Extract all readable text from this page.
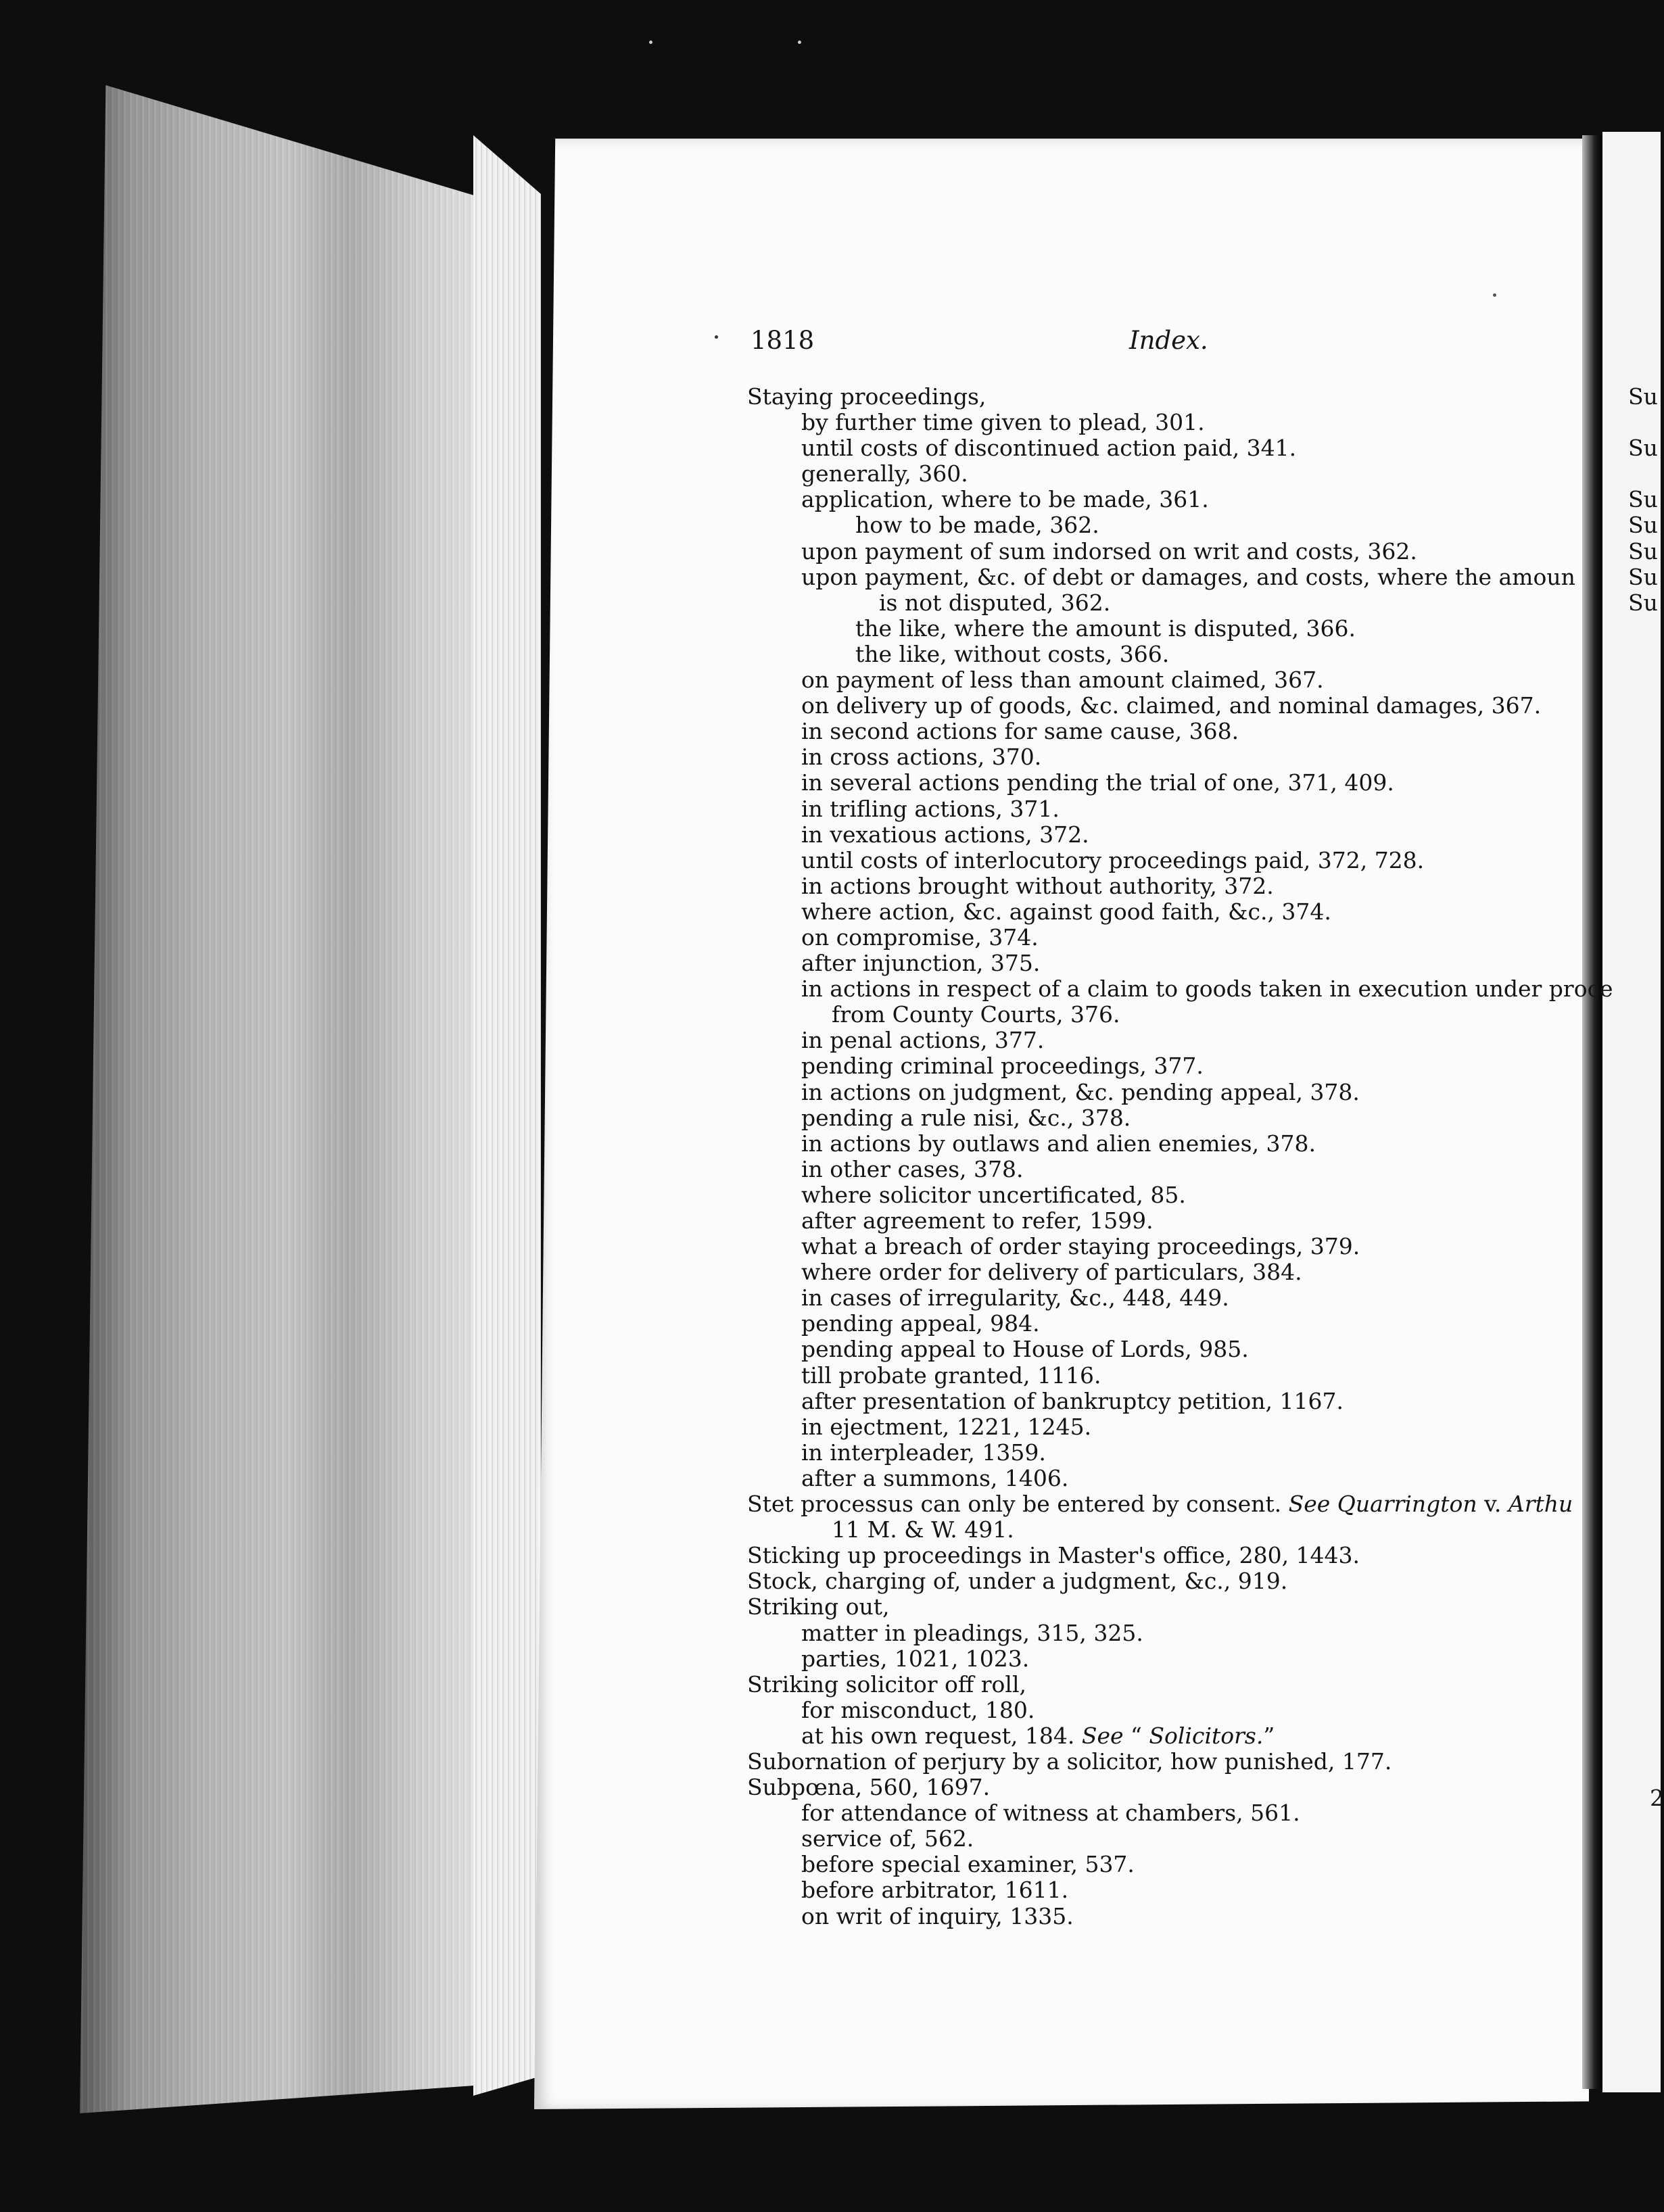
1818	Index.
Staying proceedings,
by further time given to plead, 301.
until costs of discontinued action paid, 341.
generally, 360.
application, where to be made, 361.
how to be made, 362.
upon payment of sum indorsed on writ and costs, 362.
upon payment, &c. of debt or damages, and costs, where the amoun
is not disputed, 362.
the like, where the amount is disputed, 366.
the like, without costs, 366.
on payment of less than amount claimed, 367.
on delivery up of goods, &c. claimed, and nominal damages, 367.
in second actions for same cause, 368.
in cross actions, 370.
in several actions pending the trial of one, 371, 409.
in trifling actions, 371.
in vexatious actions, 372.
until costs of interlocutory proceedings paid, 372, 728.
in actions brought without authority, 372.
where action, &c. against good faith, &c., 374.
on compromise, 374.
after injunction, 375.
in actions in respect of a claim to goods taken in execution under proce
from County Courts, 376.
in penal actions, 377.
pending criminal proceedings, 377.
in actions on judgment, &c. pending appeal, 378.
pending a rule nisi, &c., 378.
in actions by outlaws and alien enemies, 378.
in other cases, 378.
where solicitor uncertificated, 85.
after agreement to refer, 1599.
what a breach of order staying proceedings, 379.
where order for delivery of particulars, 384.
in cases of irregularity, &c., 448, 449.
pending appeal, 984.
pending appeal to House of Lords, 985.
till probate granted, 1116.
after presentation of bankruptcy petition, 1167.
in ejectment, 1221, 1245.
in interpleader, 1359.
after a summons, 1406.
Stet processus can only be entered by consent. See Quarrington v. Arthu
11 M. & W. 491.
Sticking up proceedings in Master's office, 280, 1443.
Stock, charging of, under a judgment, &c., 919.
Striking out,
matter in pleadings, 315, 325.
parties, 1021, 1023.
Striking solicitor off roll,
for misconduct, 180.
at his own request, 184. See “ Solicitors.”
Subornation of perjury by a solicitor, how punished, 177.
Subpœna, 560, 1697.
for attendance of witness at chambers, 561.
service of, 562.
before special examiner, 537.
before arbitrator, 1611.
on writ of inquiry, 1335.
Su
Su
Su
Su
Su
Su
Su
2
